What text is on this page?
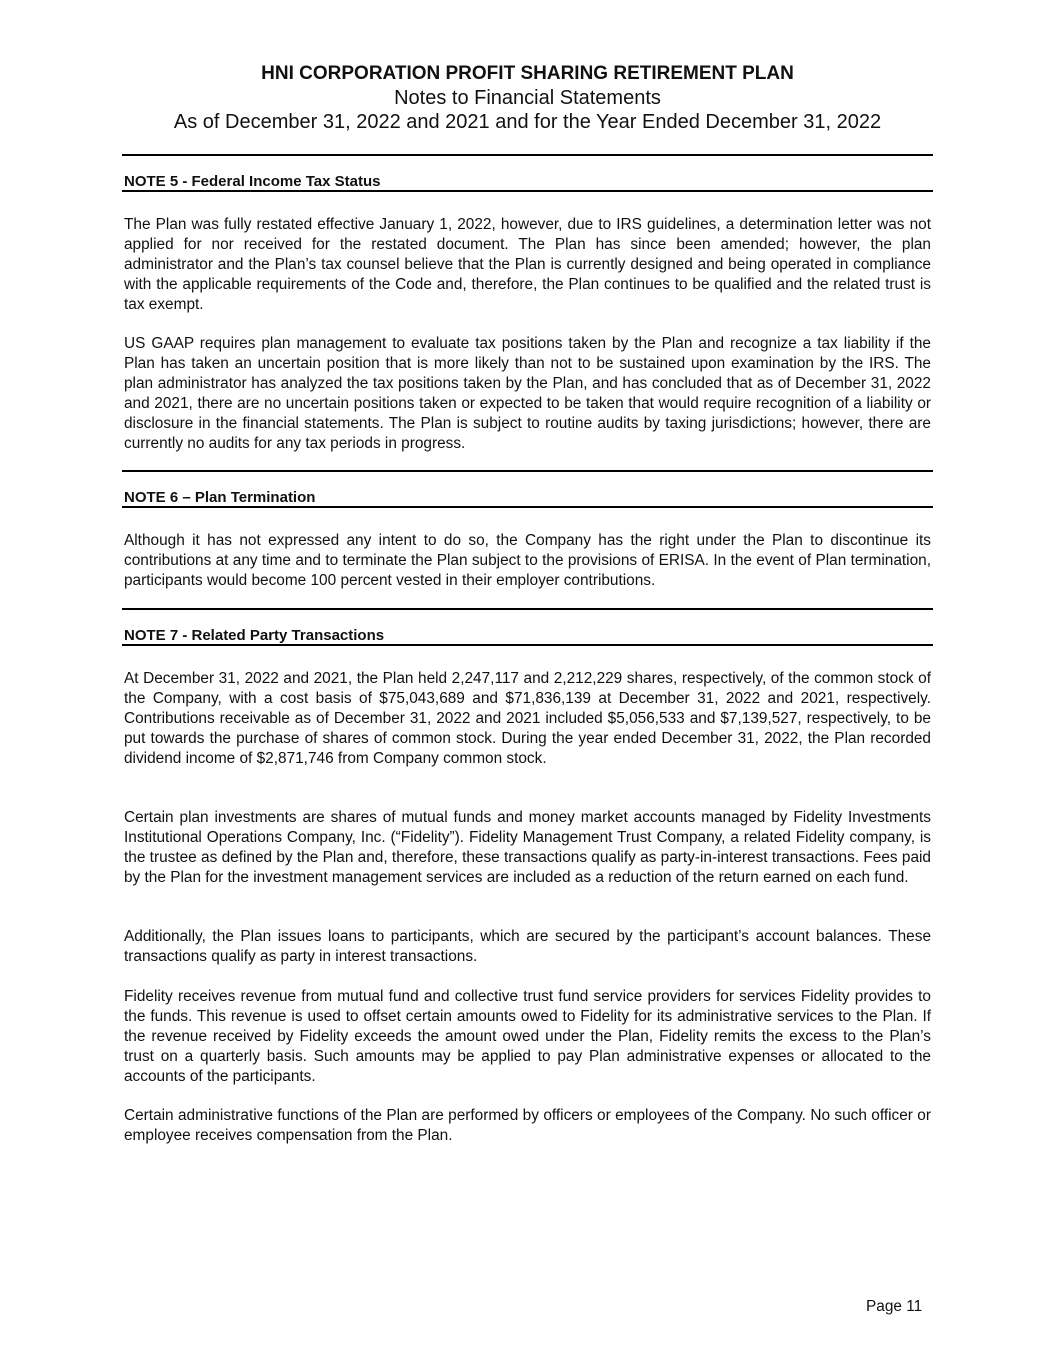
HNI CORPORATION PROFIT SHARING RETIREMENT PLAN
Notes to Financial Statements
As of December 31, 2022 and 2021 and for the Year Ended December 31, 2022
NOTE 5 - Federal Income Tax Status
The Plan was fully restated effective January 1, 2022, however, due to IRS guidelines, a determination letter was not applied for nor received for the restated document. The Plan has since been amended; however, the plan administrator and the Plan’s tax counsel believe that the Plan is currently designed and being operated in compliance with the applicable requirements of the Code and, therefore, the Plan continues to be qualified and the related trust is tax exempt.
US GAAP requires plan management to evaluate tax positions taken by the Plan and recognize a tax liability if the Plan has taken an uncertain position that is more likely than not to be sustained upon examination by the IRS. The plan administrator has analyzed the tax positions taken by the Plan, and has concluded that as of December 31, 2022 and 2021, there are no uncertain positions taken or expected to be taken that would require recognition of a liability or disclosure in the financial statements. The Plan is subject to routine audits by taxing jurisdictions; however, there are currently no audits for any tax periods in progress.
NOTE 6 – Plan Termination
Although it has not expressed any intent to do so, the Company has the right under the Plan to discontinue its contributions at any time and to terminate the Plan subject to the provisions of ERISA. In the event of Plan termination, participants would become 100 percent vested in their employer contributions.
NOTE 7 - Related Party Transactions
At December 31, 2022 and 2021, the Plan held 2,247,117 and 2,212,229 shares, respectively, of the common stock of the Company, with a cost basis of $75,043,689 and $71,836,139 at December 31, 2022 and 2021, respectively. Contributions receivable as of December 31, 2022 and 2021 included $5,056,533 and $7,139,527, respectively, to be put towards the purchase of shares of common stock. During the year ended December 31, 2022, the Plan recorded dividend income of $2,871,746 from Company common stock.
Certain plan investments are shares of mutual funds and money market accounts managed by Fidelity Investments Institutional Operations Company, Inc. (“Fidelity”). Fidelity Management Trust Company, a related Fidelity company, is the trustee as defined by the Plan and, therefore, these transactions qualify as party-in-interest transactions. Fees paid by the Plan for the investment management services are included as a reduction of the return earned on each fund.
Additionally, the Plan issues loans to participants, which are secured by the participant’s account balances. These transactions qualify as party in interest transactions.
Fidelity receives revenue from mutual fund and collective trust fund service providers for services Fidelity provides to the funds. This revenue is used to offset certain amounts owed to Fidelity for its administrative services to the Plan. If the revenue received by Fidelity exceeds the amount owed under the Plan, Fidelity remits the excess to the Plan’s trust on a quarterly basis. Such amounts may be applied to pay Plan administrative expenses or allocated to the accounts of the participants.
Certain administrative functions of the Plan are performed by officers or employees of the Company. No such officer or employee receives compensation from the Plan.
Page 11
